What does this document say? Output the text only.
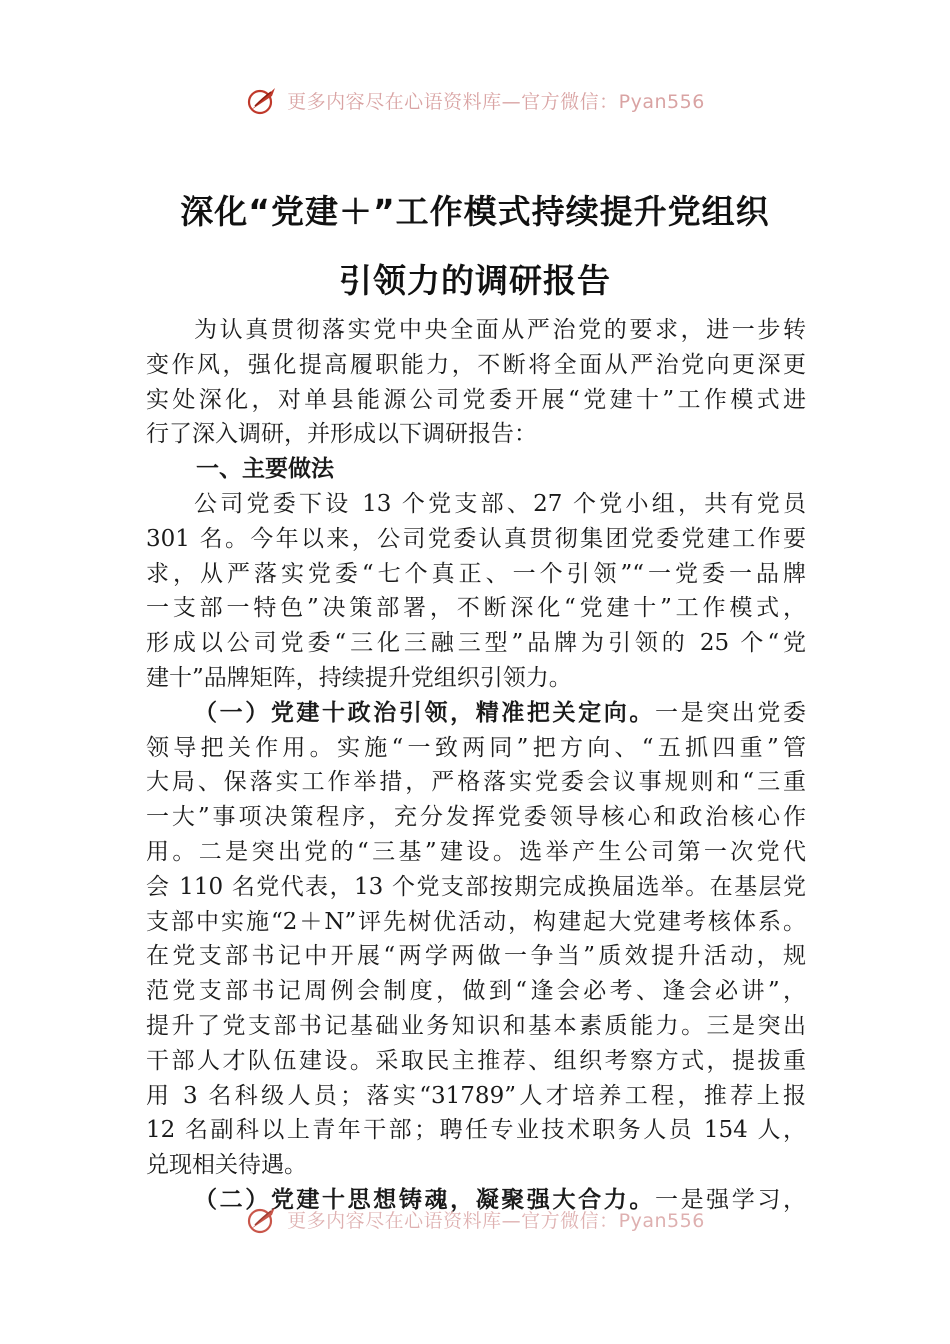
更多内容尽在心语资料库—官方微信：Pyan556
深化“党建＋”工作模式持续提升党组织
引领力的调研报告
为认真贯彻落实党中央全面从严治党的要求，进一步转
变作风，强化提高履职能力，不断将全面从严治党向更深更
实处深化，对单县能源公司党委开展“党建十”工作模式进
行了深入调研，并形成以下调研报告：
一、主要做法
公司党委下设 13 个党支部、27 个党小组，共有党员
301 名。今年以来，公司党委认真贯彻集团党委党建工作要
求，从严落实党委“七个真正、一个引领”“一党委一品牌
一支部一特色”决策部署，不断深化“党建十”工作模式，
形成以公司党委“三化三融三型”品牌为引领的 25 个“党
建十”品牌矩阵，持续提升党组织引领力。
（一）党建十政治引领，精准把关定向。一是突出党委
领导把关作用。实施“一致两同”把方向、“五抓四重”管
大局、保落实工作举措，严格落实党委会议事规则和“三重
一大”事项决策程序，充分发挥党委领导核心和政治核心作
用。二是突出党的“三基”建设。选举产生公司第一次党代
会 110 名党代表，13 个党支部按期完成换届选举。在基层党
支部中实施“2＋N”评先树优活动，构建起大党建考核体系。
在党支部书记中开展“两学两做一争当”质效提升活动，规
范党支部书记周例会制度，做到“逢会必考、逢会必讲”，
提升了党支部书记基础业务知识和基本素质能力。三是突出
干部人才队伍建设。采取民主推荐、组织考察方式，提拔重
用 3 名科级人员；落实“31789”人才培养工程，推荐上报
12 名副科以上青年干部；聘任专业技术职务人员 154 人，
兑现相关待遇。
（二）党建十思想铸魂，凝聚强大合力。一是强学习，
更多内容尽在心语资料库—官方微信：Pyan556
